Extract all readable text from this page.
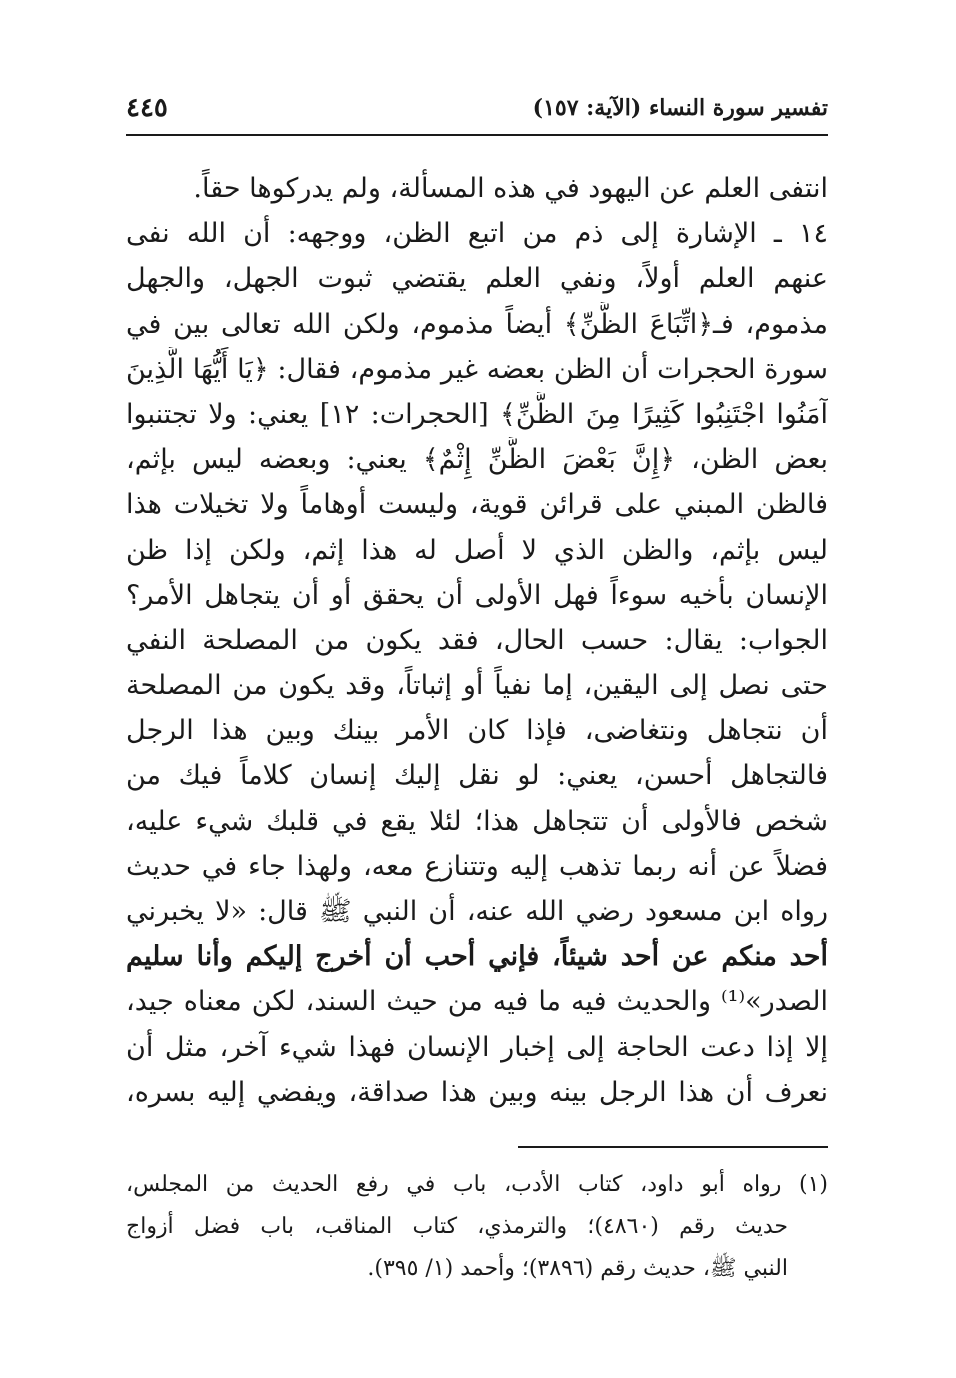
تفسير سورة النساء (الآية: ١٥٧)
٤٤٥
انتفى العلم عن اليهود في هذه المسألة، ولم يدركوها حقاً.
١٤ ـ الإشارة إلى ذم من اتبع الظن، ووجهه: أن الله نفى
عنهم العلم أولاً، ونفي العلم يقتضي ثبوت الجهل، والجهل
مذموم، فـ﴿اتِّبَاعَ الظَّنِّ﴾ أيضاً مذموم، ولكن الله تعالى بين في
سورة الحجرات أن الظن بعضه غير مذموم، فقال: ﴿يَا أَيُّهَا الَّذِينَ
آمَنُوا اجْتَنِبُوا كَثِيرًا مِنَ الظَّنِّ﴾ [الحجرات: ١٢] يعني: ولا تجتنبوا
بعض الظن، ﴿إِنَّ بَعْضَ الظَّنِّ إِثْمٌ﴾ يعني: وبعضه ليس بإثم،
فالظن المبني على قرائن قوية، وليست أوهاماً ولا تخيلات هذا
ليس بإثم، والظن الذي لا أصل له هذا إثم، ولكن إذا ظن
الإنسان بأخيه سوءاً فهل الأولى أن يحقق أو أن يتجاهل الأمر؟
الجواب: يقال: حسب الحال، فقد يكون من المصلحة النفي
حتى نصل إلى اليقين، إما نفياً أو إثباتاً، وقد يكون من المصلحة
أن نتجاهل ونتغاضى، فإذا كان الأمر بينك وبين هذا الرجل
فالتجاهل أحسن، يعني: لو نقل إليك إنسان كلاماً فيك من
شخص فالأولى أن تتجاهل هذا؛ لئلا يقع في قلبك شيء عليه،
فضلاً عن أنه ربما تذهب إليه وتتنازع معه، ولهذا جاء في حديث
رواه ابن مسعود رضي الله عنه، أن النبي ﷺ قال: «لا يخبرني
أحد منكم عن أحد شيئاً، فإني أحب أن أخرج إليكم وأنا سليم
الصدر»⁽¹⁾ والحديث فيه ما فيه من حيث السند، لكن معناه جيد،
إلا إذا دعت الحاجة إلى إخبار الإنسان فهذا شيء آخر، مثل أن
نعرف أن هذا الرجل بينه وبين هذا صداقة، ويفضي إليه بسره،
(١) رواه أبو داود، كتاب الأدب، باب في رفع الحديث من المجلس،
حديث رقم (٤٨٦٠)؛ والترمذي، كتاب المناقب، باب فضل أزواج
النبي ﷺ، حديث رقم (٣٨٩٦)؛ وأحمد (١/ ٣٩٥).
